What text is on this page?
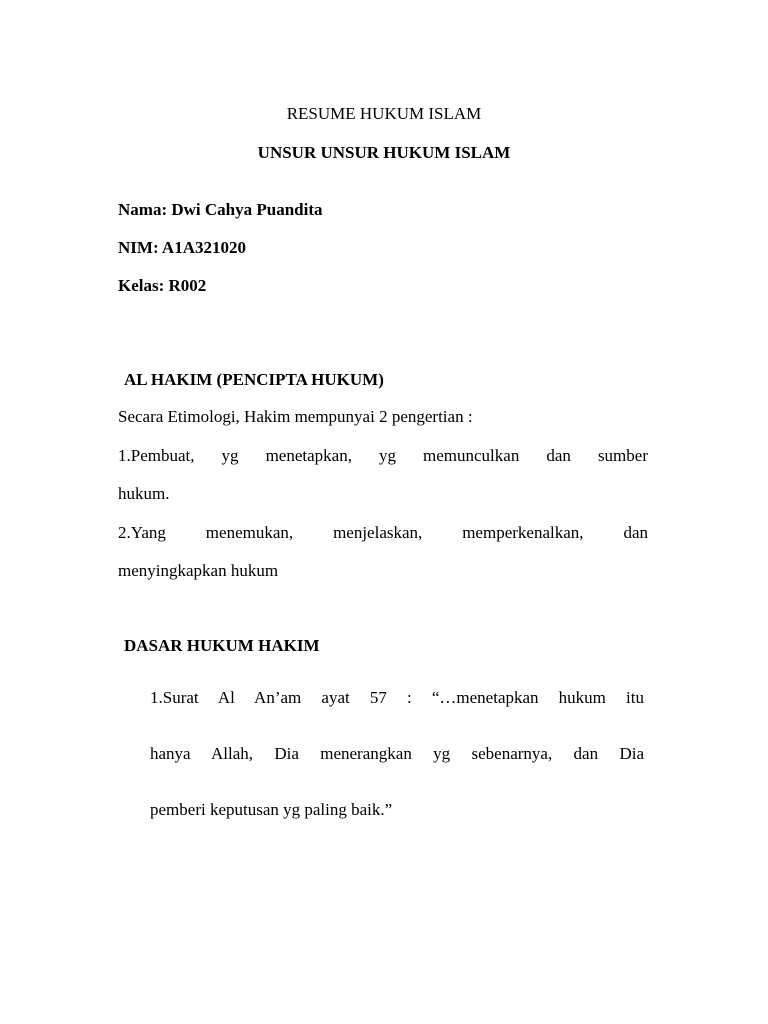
RESUME HUKUM ISLAM
UNSUR UNSUR HUKUM ISLAM
Nama: Dwi Cahya Puandita
NIM: A1A321020
Kelas: R002
AL HAKIM (PENCIPTA HUKUM)
Secara Etimologi, Hakim mempunyai 2 pengertian :
1.Pembuat, yg menetapkan, yg memunculkan dan sumber
hukum.
2.Yang menemukan, menjelaskan, memperkenalkan, dan
menyingkapkan hukum
DASAR HUKUM HAKIM
1.Surat Al An’am ayat 57 : “…menetapkan hukum itu
hanya Allah, Dia menerangkan yg sebenarnya, dan Dia
pemberi keputusan yg paling baik.”
